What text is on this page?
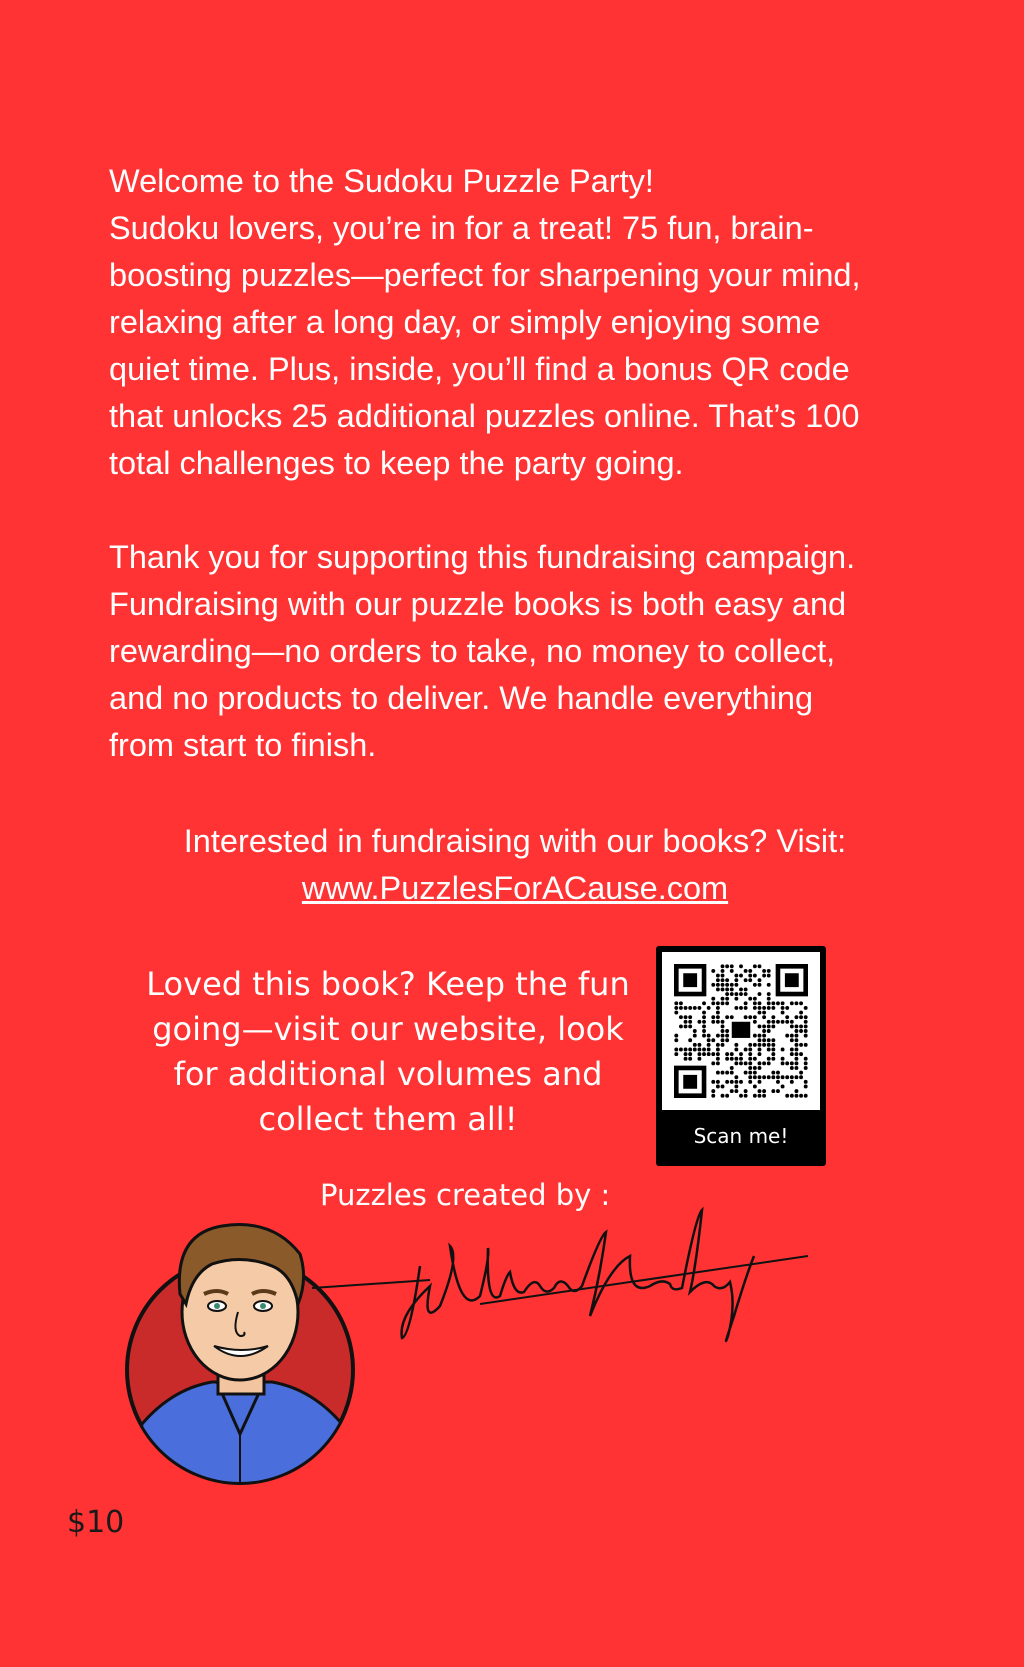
Welcome to the Sudoku Puzzle Party!

Sudoku lovers, you’re in for a treat! 75 fun, brain-

boosting puzzles—perfect for sharpening your mind,

relaxing after a long day, or simply enjoying some

quiet time. Plus, inside, you’ll find a bonus QR code

that unlocks 25 additional puzzles online. That’s 100

total challenges to keep the party going.

Thank you for supporting this fundraising campaign.

Fundraising with our puzzle books is both easy and

rewarding—no orders to take, no money to collect,

and no products to deliver. We handle everything

from start to finish.

Interested in fundraising with our books? Visit:
www.PuzzlesForACause.com
Loved this book? Keep the fun
going—visit our website, look
for additional volumes and
collect them all!	Scan me!
Puzzles created by :
$10
